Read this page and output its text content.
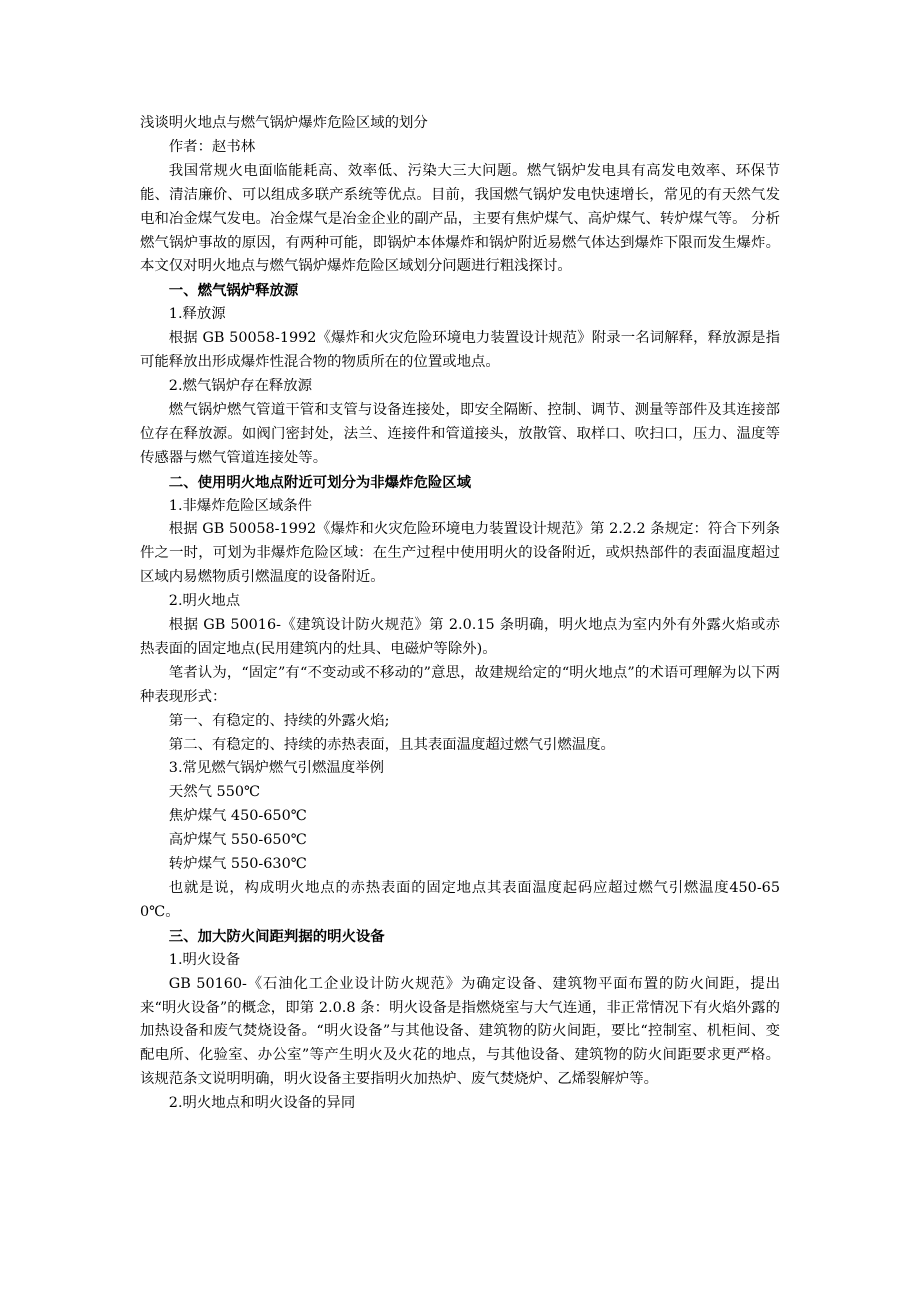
浅谈明火地点与燃气锅炉爆炸危险区域的划分

作者：赵书林

我国常规火电面临能耗高、效率低、污染大三大问题。燃气锅炉发电具有高发电效率、环保节能、清洁廉价、可以组成多联产系统等优点。目前，我国燃气锅炉发电快速增长，常见的有天然气发电和冶金煤气发电。冶金煤气是冶金企业的副产品，主要有焦炉煤气、高炉煤气、转炉煤气等。 分析燃气锅炉事故的原因，有两种可能，即锅炉本体爆炸和锅炉附近易燃气体达到爆炸下限而发生爆炸。本文仅对明火地点与燃气锅炉爆炸危险区域划分问题进行粗浅探讨。

一、燃气锅炉释放源

1.释放源

根据 GB 50058-1992《爆炸和火灾危险环境电力装置设计规范》附录一名词解释，释放源是指可能释放出形成爆炸性混合物的物质所在的位置或地点。

2.燃气锅炉存在释放源

燃气锅炉燃气管道干管和支管与设备连接处，即安全隔断、控制、调节、测量等部件及其连接部位存在释放源。如阀门密封处，法兰、连接件和管道接头，放散管、取样口、吹扫口，压力、温度等传感器与燃气管道连接处等。

二、使用明火地点附近可划分为非爆炸危险区域

1.非爆炸危险区域条件

根据 GB 50058-1992《爆炸和火灾危险环境电力装置设计规范》第 2.2.2 条规定：符合下列条件之一时，可划为非爆炸危险区域：在生产过程中使用明火的设备附近，或炽热部件的表面温度超过区域内易燃物质引燃温度的设备附近。

2.明火地点

根据 GB 50016-《建筑设计防火规范》第 2.0.15 条明确，明火地点为室内外有外露火焰或赤热表面的固定地点(民用建筑内的灶具、电磁炉等除外)。

笔者认为，“固定”有“不变动或不移动的”意思，故建规给定的“明火地点”的术语可理解为以下两种表现形式：

第一、有稳定的、持续的外露火焰;

第二、有稳定的、持续的赤热表面，且其表面温度超过燃气引燃温度。

3.常见燃气锅炉燃气引燃温度举例

天然气 550℃

焦炉煤气 450-650℃

高炉煤气 550-650℃

转炉煤气 550-630℃

也就是说，构成明火地点的赤热表面的固定地点其表面温度起码应超过燃气引燃温度450-650℃。

三、加大防火间距判据的明火设备

1.明火设备

GB 50160-《石油化工企业设计防火规范》为确定设备、建筑物平面布置的防火间距，提出来“明火设备”的概念，即第 2.0.8 条：明火设备是指燃烧室与大气连通，非正常情况下有火焰外露的加热设备和废气焚烧设备。“明火设备”与其他设备、建筑物的防火间距，要比“控制室、机柜间、变配电所、化验室、办公室”等产生明火及火花的地点，与其他设备、建筑物的防火间距要求更严格。该规范条文说明明确，明火设备主要指明火加热炉、废气焚烧炉、乙烯裂解炉等。

2.明火地点和明火设备的异同
